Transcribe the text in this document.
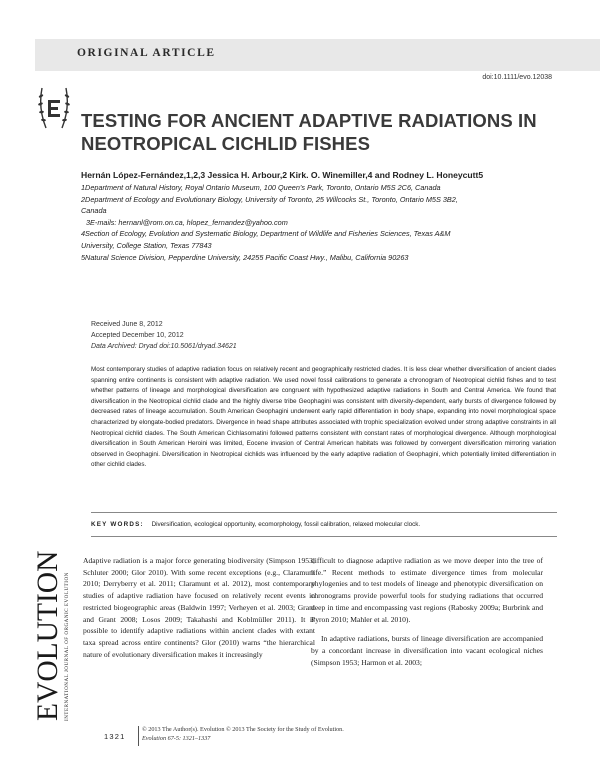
ORIGINAL ARTICLE
doi:10.1111/evo.12038
TESTING FOR ANCIENT ADAPTIVE RADIATIONS IN NEOTROPICAL CICHLID FISHES
Hernán López-Fernández,1,2,3 Jessica H. Arbour,2 Kirk. O. Winemiller,4 and Rodney L. Honeycutt5

1Department of Natural History, Royal Ontario Museum, 100 Queen’s Park, Toronto, Ontario M5S 2C6, Canada

2Department of Ecology and Evolutionary Biology, University of Toronto, 25 Willcocks St., Toronto, Ontario M5S 3B2, Canada

3E-mails: hernanl@rom.on.ca, hlopez_fernandez@yahoo.com

4Section of Ecology, Evolution and Systematic Biology, Department of Wildlife and Fisheries Sciences, Texas A&M University, College Station, Texas 77843

5Natural Science Division, Pepperdine University, 24255 Pacific Coast Hwy., Malibu, California 90263

Received June 8, 2012

Accepted December 10, 2012

Data Archived: Dryad doi:10.5061/dryad.34621

Most contemporary studies of adaptive radiation focus on relatively recent and geographically restricted clades. It is less clear whether diversification of ancient clades spanning entire continents is consistent with adaptive radiation. We used novel fossil calibrations to generate a chronogram of Neotropical cichlid fishes and to test whether patterns of lineage and morphological diversification are congruent with hypothesized adaptive radiations in South and Central America. We found that diversification in the Neotropical cichlid clade and the highly diverse tribe Geophagini was consistent with diversity-dependent, early bursts of divergence followed by decreased rates of lineage accumulation. South American Geophagini underwent early rapid differentiation in body shape, expanding into novel morphological space characterized by elongate-bodied predators. Divergence in head shape attributes associated with trophic specialization evolved under strong adaptive constraints in all Neotropical cichlid clades. The South American Cichlasomatini followed patterns consistent with constant rates of morphological divergence. Although morphological diversification in South American Heroini was limited, Eocene invasion of Central American habitats was followed by convergent diversification mirroring variation observed in Geophagini. Diversification in Neotropical cichlids was influenced by the early adaptive radiation of Geophagini, which potentially limited differentiation in other cichlid clades.

KEY WORDS: Diversification, ecological opportunity, ecomorphology, fossil calibration, relaxed molecular clock.
EVOLUTION INTERNATIONAL JOURNAL OF ORGANIC EVOLUTION

Adaptive radiation is a major force generating biodiversity (Simpson 1953; Schluter 2000; Glor 2010). With some recent exceptions (e.g., Claramunt 2010; Derryberry et al. 2011; Claramunt et al. 2012), most contemporary studies of adaptive radiation have focused on relatively recent events in restricted biogeographic areas (Baldwin 1997; Verheyen et al. 2003; Grant and Grant 2008; Losos 2009; Takahashi and Koblmüller 2011). It is possible to identify adaptive radiations within ancient clades with extant taxa spread across entire continents? Glor (2010) warns “the hierarchical nature of evolutionary diversification makes it increasingly

difficult to diagnose adaptive radiation as we move deeper into the tree of life.” Recent methods to estimate divergence times from molecular phylogenies and to test models of lineage and phenotypic diversification on chronograms provide powerful tools for studying radiations that occurred deep in time and encompassing vast regions (Rabosky 2009a; Burbrink and Pyron 2010; Mahler et al. 2010).

In adaptive radiations, bursts of lineage diversification are accompanied by a concordant increase in diversification into vacant ecological niches (Simpson 1953; Harmon et al. 2003;

1321

© 2013 The Author(s). Evolution © 2013 The Society for the Study of Evolution.

Evolution 67-5: 1321–1337
